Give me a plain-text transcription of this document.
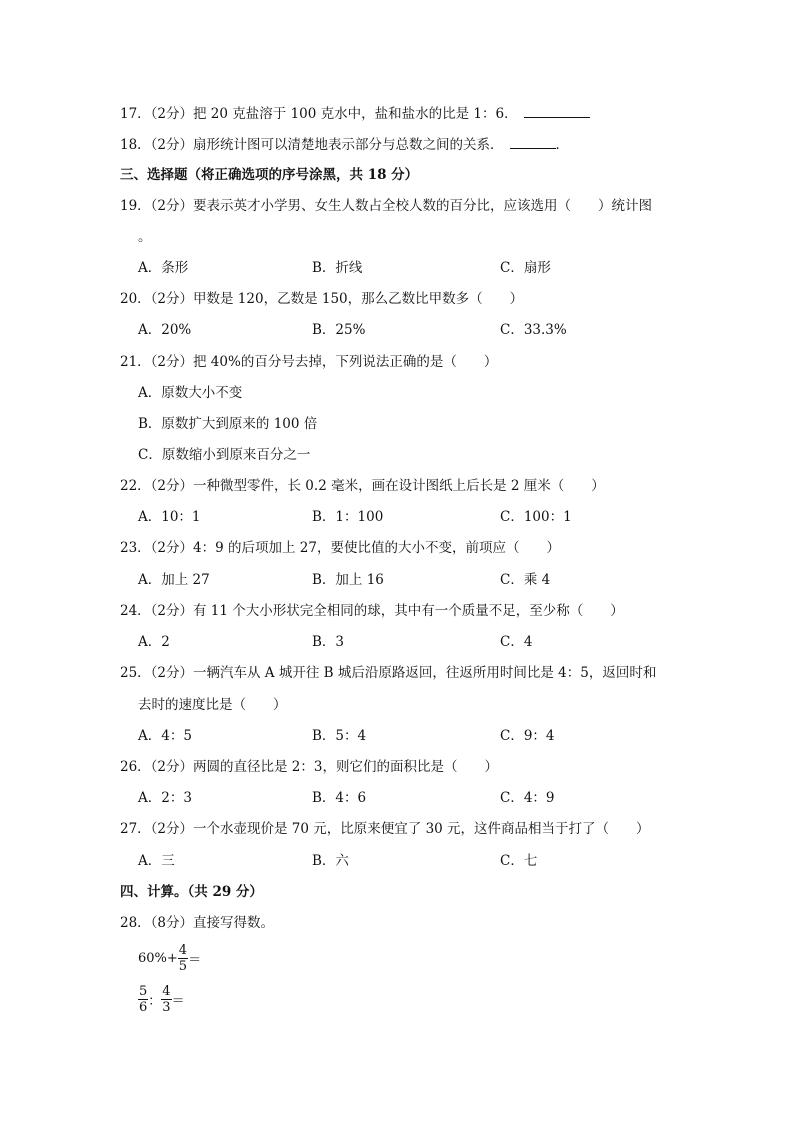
17．（2分）把 20 克盐溶于 100 克水中，盐和盐水的比是 1：6．
18．（2分）扇形统计图可以清楚地表示部分与总数之间的关系．	．
三、选择题（将正确选项的序号涂黑，共 18 分）
19．（2分）要表示英才小学男、女生人数占全校人数的百分比，应该选用（　　）统计图
。
A．条形	B．折线	C．扇形
20．（2分）甲数是 120，乙数是 150，那么乙数比甲数多（　　）
A．20%	B．25%	C．33.3%
21．（2分）把 40%的百分号去掉，下列说法正确的是（　　）
A．原数大小不变
B．原数扩大到原来的 100 倍
C．原数缩小到原来百分之一
22．（2分）一种微型零件，长 0.2 毫米，画在设计图纸上后长是 2 厘米（　　）
A．10：1	B．1：100	C．100：1
23．（2分）4：9 的后项加上 27，要使比值的大小不变，前项应（　　）
A．加上 27	B．加上 16	C．乘 4
24．（2分）有 11 个大小形状完全相同的球，其中有一个质量不足，至少称（　　）
A．2	B．3	C．4
25．（2分）一辆汽车从 A 城开往 B 城后沿原路返回，往返所用时间比是 4：5，返回时和
去时的速度比是（　　）
A．4：5	B．5：4	C．9：4
26．（2分）两圆的直径比是 2：3，则它们的面积比是（　　）
A．2：3	B．4：6	C．4：9
27．（2分）一个水壶现价是 70 元，比原来便宜了 30 元，这件商品相当于打了（　　）
A．三	B．六	C．七
四、计算。（共 29 分）
28．（8分）直接写得数。
$60\%+ \frac{4}{5}$ ＝
$\frac{5}{6}$ ： $\frac{4}{3}$ ＝
